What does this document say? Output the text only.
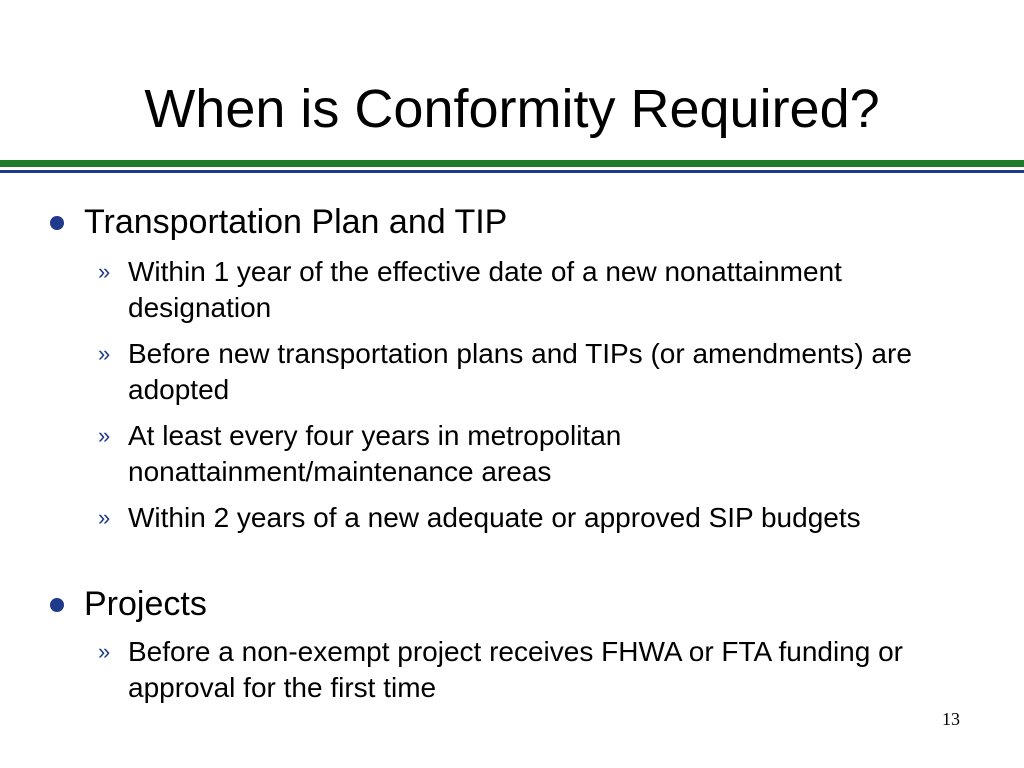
When is Conformity Required?
Transportation Plan and TIP
» Within 1 year of the effective date of a new nonattainment designation
» Before new transportation plans and TIPs (or amendments) are adopted
» At least every four years in metropolitan nonattainment/maintenance areas
» Within 2 years of a new adequate or approved SIP budgets
Projects
» Before a non-exempt project receives FHWA or FTA funding or approval for the first time
13
